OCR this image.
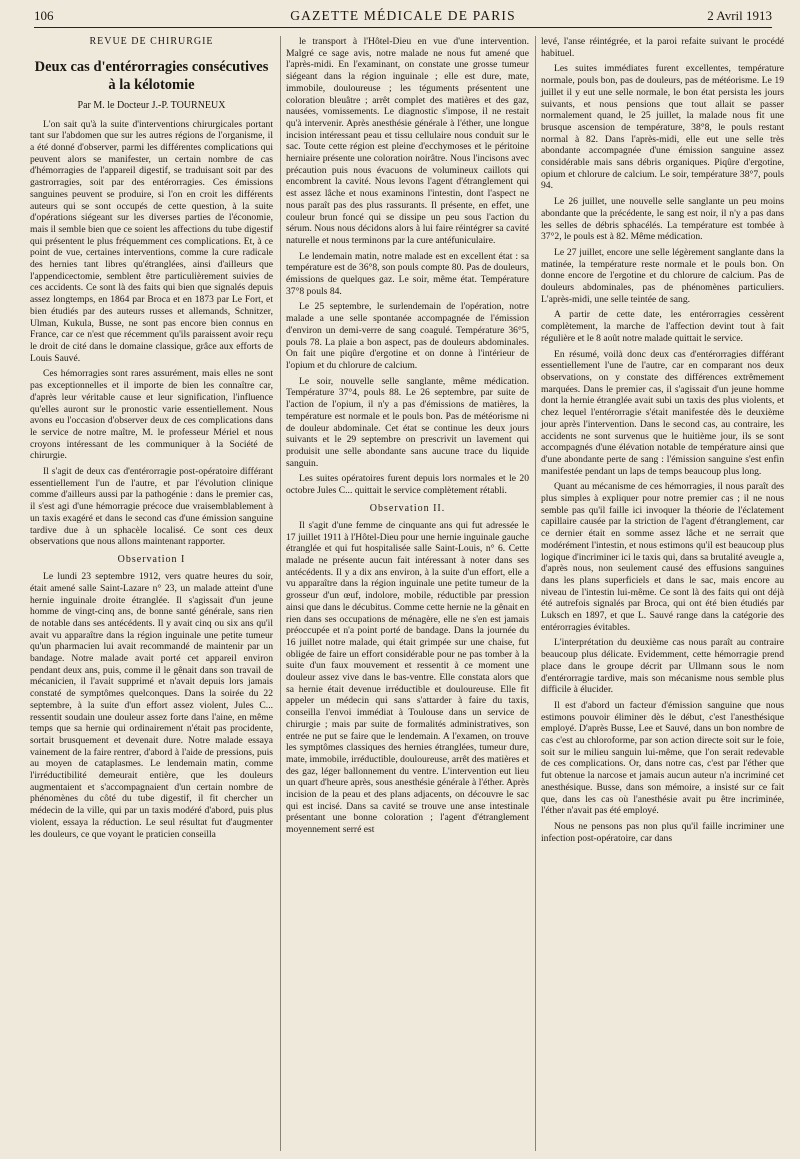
106	GAZETTE MÉDICALE DE PARIS	2 Avril 1913

REVUE DE CHIRURGIE

Deux cas d'entérorragies consécutives à la kélotomie

Par M. le Docteur J.-P. TOURNEUX

L'on sait qu'à la suite d'interventions chirurgicales portant tant sur l'abdomen que sur les autres régions de l'organisme, il a été donné d'observer, parmi les différentes complications qui peuvent alors se manifester, un certain nombre de cas d'hémorragies de l'appareil digestif, se traduisant soit par des gastrorragies, soit par des entérorragies. Ces émissions sanguines peuvent se produire, si l'on en croit les différents auteurs qui se sont occupés de cette question, à la suite d'opérations siégeant sur les diverses parties de l'économie, mais il semble bien que ce soient les affections du tube digestif qui présentent le plus fréquemment ces complications. Et, à ce point de vue, certaines interventions, comme la cure radicale des hernies tant libres qu'étranglées, ainsi d'ailleurs que l'appendicectomie, semblent être particulièrement suivies de ces accidents. Ce sont là des faits qui bien que signalés depuis assez longtemps, en 1864 par Broca et en 1873 par Le Fort, et bien étudiés par des auteurs russes et allemands, Schnitzer, Ulman, Kukula, Busse, ne sont pas encore bien connus en France, car ce n'est que récemment qu'ils paraissent avoir reçu le droit de cité dans le domaine classique, grâce aux efforts de Louis Sauvé.

Ces hémorragies sont rares assurément, mais elles ne sont pas exceptionnelles et il importe de bien les connaître car, d'après leur véritable cause et leur signification, l'influence qu'elles auront sur le pronostic varie essentiellement. Nous avons eu l'occasion d'observer deux de ces complications dans le service de notre maître, M. le professeur Mériel et nous croyons intéressant de les communiquer à la Société de chirurgie.

Il s'agit de deux cas d'entérorragie post-opératoire différant essentiellement l'un de l'autre, et par l'évolution clinique comme d'ailleurs aussi par la pathogénie : dans le premier cas, il s'est agi d'une hémorragie précoce due vraisemblablement à un taxis exagéré et dans le second cas d'une émission sanguine tardive due à un sphacèle localisé. Ce sont ces deux observations que nous allons maintenant rapporter.

Observation I

Le lundi 23 septembre 1912, vers quatre heures du soir, était amené salle Saint-Lazare n° 23, un malade atteint d'une hernie inguinale droite étranglée. Il s'agissait d'un jeune homme de vingt-cinq ans, de bonne santé générale, sans rien de notable dans ses antécédents. Il y avait cinq ou six ans qu'il avait vu apparaître dans la région inguinale une petite tumeur qu'un pharmacien lui avait recommandé de maintenir par un bandage. Notre malade avait porté cet appareil environ pendant deux ans, puis, comme il le gênait dans son travail de mécanicien, il l'avait supprimé et n'avait depuis lors jamais constaté de symptômes quelconques. Dans la soirée du 22 septembre, à la suite d'un effort assez violent, Jules C... ressentit soudain une douleur assez forte dans l'aine, en même temps que sa hernie qui ordinairement n'était pas procidente, sortait brusquement et devenait dure. Notre malade essaya vainement de la faire rentrer, d'abord à l'aide de pressions, puis au moyen de cataplasmes. Le lendemain matin, comme l'irréductibilité demeurait entière, que les douleurs augmentaient et s'accompagnaient d'un certain nombre de phénomènes du côté du tube digestif, il fit chercher un médecin de la ville, qui par un taxis modéré d'abord, puis plus violent, essaya la réduction. Le seul résultat fut d'augmenter les douleurs, ce que voyant le praticien conseilla

le transport à l'Hôtel-Dieu en vue d'une intervention. Malgré ce sage avis, notre malade ne nous fut amené que l'après-midi. En l'examinant, on constate une grosse tumeur siégeant dans la région inguinale ; elle est dure, mate, immobile, douloureuse ; les téguments présentent une coloration bleuâtre ; arrêt complet des matières et des gaz, nausées, vomissements. Le diagnostic s'impose, il ne restait qu'à intervenir. Après anesthésie générale à l'éther, une longue incision intéressant peau et tissu cellulaire nous conduit sur le sac. Toute cette région est pleine d'ecchymoses et le péritoine herniaire présente une coloration noirâtre. Nous l'incisons avec précaution puis nous évacuons de volumineux caillots qui encombrent la cavité. Nous levons l'agent d'étranglement qui est assez lâche et nous examinons l'intestin, dont l'aspect ne nous paraît pas des plus rassurants. Il présente, en effet, une couleur brun foncé qui se dissipe un peu sous l'action du sérum. Nous nous décidons alors à lui faire réintégrer sa cavité naturelle et nous terminons par la cure antéfuniculaire.

Le lendemain matin, notre malade est en excellent état : sa température est de 36°8, son pouls compte 80. Pas de douleurs, émissions de quelques gaz. Le soir, même état. Température 37°8 pouls 84.

Le 25 septembre, le surlendemain de l'opération, notre malade a une selle spontanée accompagnée de l'émission d'environ un demi-verre de sang coagulé. Température 36°5, pouls 78. La plaie a bon aspect, pas de douleurs abdominales. On fait une piqûre d'ergotine et on donne à l'intérieur de l'opium et du chlorure de calcium.

Le soir, nouvelle selle sanglante, même médication. Température 37°4, pouls 88. Le 26 septembre, par suite de l'action de l'opium, il n'y a pas d'émissions de matières, la température est normale et le pouls bon. Pas de météorisme ni de douleur abdominale. Cet état se continue les deux jours suivants et le 29 septembre on prescrivit un lavement qui produisit une selle abondante sans aucune trace du liquide sanguin.

Les suites opératoires furent depuis lors normales et le 20 octobre Jules C... quittait le service complètement rétabli.

Observation II.

Il s'agit d'une femme de cinquante ans qui fut adressée le 17 juillet 1911 à l'Hôtel-Dieu pour une hernie inguinale gauche étranglée et qui fut hospitalisée salle Saint-Louis, n° 6. Cette malade ne présente aucun fait intéressant à noter dans ses antécédents. Il y a dix ans environ, à la suite d'un effort, elle a vu apparaître dans la région inguinale une petite tumeur de la grosseur d'un œuf, indolore, mobile, réductible par pression ainsi que dans le décubitus. Comme cette hernie ne la gênait en rien dans ses occupations de ménagère, elle ne s'en est jamais préoccupée et n'a point porté de bandage. Dans la journée du 16 juillet notre malade, qui était grimpée sur une chaise, fut obligée de faire un effort considérable pour ne pas tomber à la suite d'un faux mouvement et ressentit à ce moment une douleur assez vive dans le bas-ventre. Elle constata alors que sa hernie était devenue irréductible et douloureuse. Elle fit appeler un médecin qui sans s'attarder à faire du taxis, conseilla l'envoi immédiat à Toulouse dans un service de chirurgie ; mais par suite de formalités administratives, son entrée ne put se faire que le lendemain. A l'examen, on trouve les symptômes classiques des hernies étranglées, tumeur dure, mate, immobile, irréductible, douloureuse, arrêt des matières et des gaz, léger ballonnement du ventre. L'intervention eut lieu un quart d'heure après, sous anesthésie générale à l'éther. Après incision de la peau et des plans adjacents, on découvre le sac qui est incisé. Dans sa cavité se trouve une anse intestinale présentant une bonne coloration ; l'agent d'étranglement moyennement serré est

levé, l'anse réintégrée, et la paroi refaite suivant le procédé habituel.

Les suites immédiates furent excellentes, température normale, pouls bon, pas de douleurs, pas de météorisme. Le 19 juillet il y eut une selle normale, le bon état persista les jours suivants, et nous pensions que tout allait se passer normalement quand, le 25 juillet, la malade nous fit une brusque ascension de température, 38°8, le pouls restant normal à 82. Dans l'après-midi, elle eut une selle très abondante accompagnée d'une émission sanguine assez considérable mais sans débris organiques. Piqûre d'ergotine, opium et chlorure de calcium. Le soir, température 38°7, pouls 94.

Le 26 juillet, une nouvelle selle sanglante un peu moins abondante que la précédente, le sang est noir, il n'y a pas dans les selles de débris sphacélés. La température est tombée à 37°2, le pouls est à 82. Même médication.

Le 27 juillet, encore une selle légèrement sanglante dans la matinée, la température reste normale et le pouls bon. On donne encore de l'ergotine et du chlorure de calcium. Pas de douleurs abdominales, pas de phénomènes particuliers. L'après-midi, une selle teintée de sang.

A partir de cette date, les entérorragies cessèrent complètement, la marche de l'affection devint tout à fait régulière et le 8 août notre malade quittait le service.

En résumé, voilà donc deux cas d'entérorragies différant essentiellement l'une de l'autre, car en comparant nos deux observations, on y constate des différences extrêmement marquées. Dans le premier cas, il s'agissait d'un jeune homme dont la hernie étranglée avait subi un taxis des plus violents, et chez lequel l'entérorragie s'était manifestée dès le deuxième jour après l'intervention. Dans le second cas, au contraire, les accidents ne sont survenus que le huitième jour, ils se sont accompagnés d'une élévation notable de température ainsi que d'une abondante perte de sang : l'émission sanguine s'est enfin manifestée pendant un laps de temps beaucoup plus long.

Quant au mécanisme de ces hémorragies, il nous paraît des plus simples à expliquer pour notre premier cas ; il ne nous semble pas qu'il faille ici invoquer la théorie de l'éclatement capillaire causée par la striction de l'agent d'étranglement, car ce dernier était en somme assez lâche et ne serrait que modérément l'intestin, et nous estimons qu'il est beaucoup plus logique d'incriminer ici le taxis qui, dans sa brutalité aveugle a, d'après nous, non seulement causé des effusions sanguines dans les plans superficiels et dans le sac, mais encore au niveau de l'intestin lui-même. Ce sont là des faits qui ont déjà été autrefois signalés par Broca, qui ont été bien étudiés par Luksch en 1897, et que L. Sauvé range dans la catégorie des entérorragies évitables.

L'interprétation du deuxième cas nous paraît au contraire beaucoup plus délicate. Evidemment, cette hémorragie prend place dans le groupe décrit par Ullmann sous le nom d'entérorragie tardive, mais son mécanisme nous semble plus difficile à élucider.

Il est d'abord un facteur d'émission sanguine que nous estimons pouvoir éliminer dès le début, c'est l'anesthésique employé. D'après Busse, Lee et Sauvé, dans un bon nombre de cas c'est au chloroforme, par son action directe soit sur le foie, soit sur le milieu sanguin lui-même, que l'on serait redevable de ces complications. Or, dans notre cas, c'est par l'éther que fut obtenue la narcose et jamais aucun auteur n'a incriminé cet anesthésique. Busse, dans son mémoire, a insisté sur ce fait que, dans les cas où l'anesthésie avait pu être incriminée, l'éther n'avait pas été employé.

Nous ne pensons pas non plus qu'il faille incriminer une infection post-opératoire, car dans
